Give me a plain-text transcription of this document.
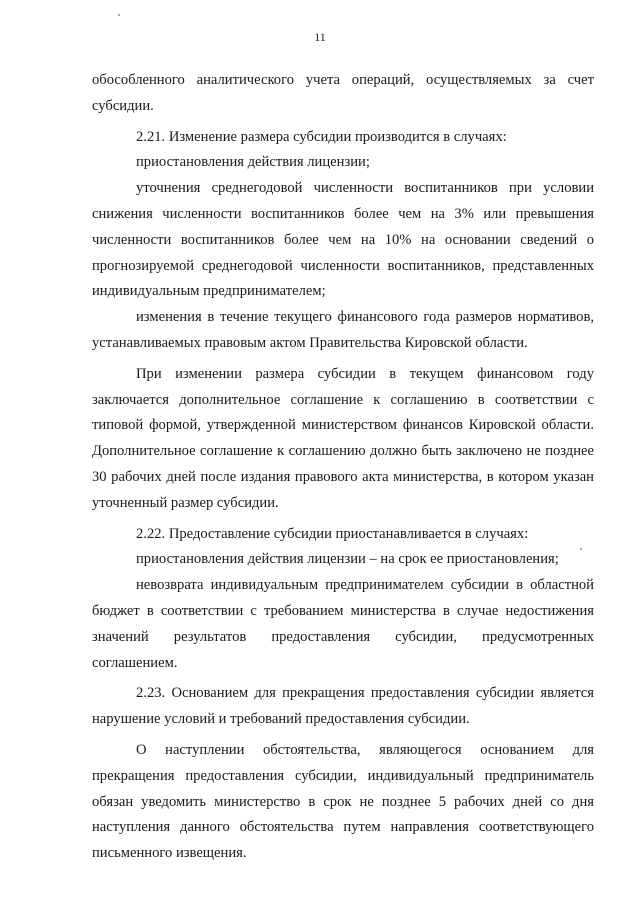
11

обособленного аналитического учета операций, осуществляемых за счет субсидии.

2.21. Изменение размера субсидии производится в случаях:

приостановления действия лицензии;

уточнения среднегодовой численности воспитанников при условии снижения численности воспитанников более чем на 3% или превышения численности воспитанников более чем на 10% на основании сведений о прогнозируемой среднегодовой численности воспитанников, представленных индивидуальным предпринимателем;

изменения в течение текущего финансового года размеров нормативов, устанавливаемых правовым актом Правительства Кировской области.

При изменении размера субсидии в текущем финансовом году заключается дополнительное соглашение к соглашению в соответствии с типовой формой, утвержденной министерством финансов Кировской области. Дополнительное соглашение к соглашению должно быть заключено не позднее 30 рабочих дней после издания правового акта министерства, в котором указан уточненный размер субсидии.

2.22. Предоставление субсидии приостанавливается в случаях:

приостановления действия лицензии – на срок ее приостановления;

невозврата индивидуальным предпринимателем субсидии в областной бюджет в соответствии с требованием министерства в случае недостижения значений результатов предоставления субсидии, предусмотренных соглашением.

2.23. Основанием для прекращения предоставления субсидии является нарушение условий и требований предоставления субсидии.

О наступлении обстоятельства, являющегося основанием для прекращения предоставления субсидии, индивидуальный предприниматель обязан уведомить министерство в срок не позднее 5 рабочих дней со дня наступления данного обстоятельства путем направления соответствующего письменного извещения.
